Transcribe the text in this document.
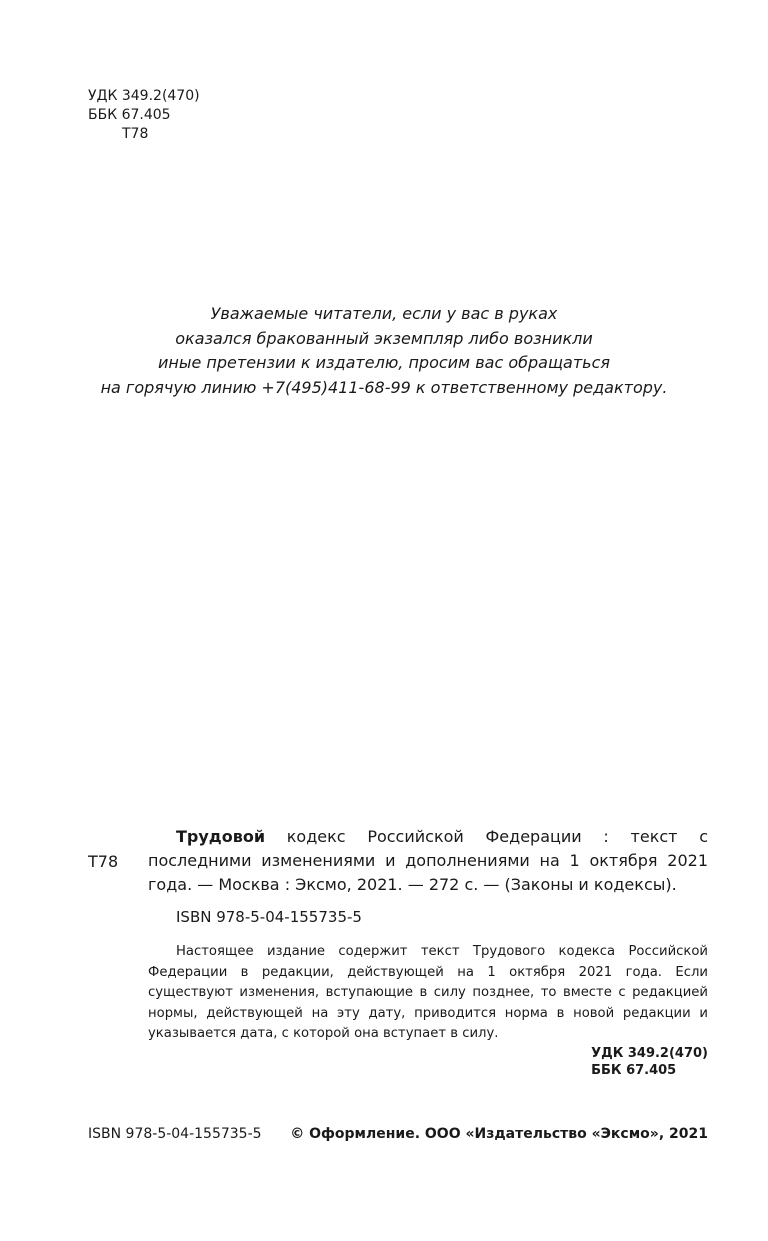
УДК 349.2(470)
ББК 67.405
Т78
Уважаемые читатели, если у вас в руках
оказался бракованный экземпляр либо возникли
иные претензии к издателю, просим вас обращаться
на горячую линию +7(495)411-68-99 к ответственному редактору.
Т78

Трудовой кодекс Российской Федерации : текст с последними изменениями и дополнениями на 1 октября 2021 года. — Москва : Эксмо, 2021. — 272 с. — (Законы и кодексы).

ISBN 978-5-04-155735-5

Настоящее издание содержит текст Трудового кодекса Российской Федерации в редакции, действующей на 1 октября 2021 года. Если существуют изменения, вступающие в силу позднее, то вместе с редакцией нормы, действующей на эту дату, приводится норма в новой редакции и указывается дата, с которой она вступает в силу.

УДК 349.2(470)
ББК 67.405
ISBN 978-5-04-155735-5 © Оформление. ООО «Издательство «Эксмо», 2021
